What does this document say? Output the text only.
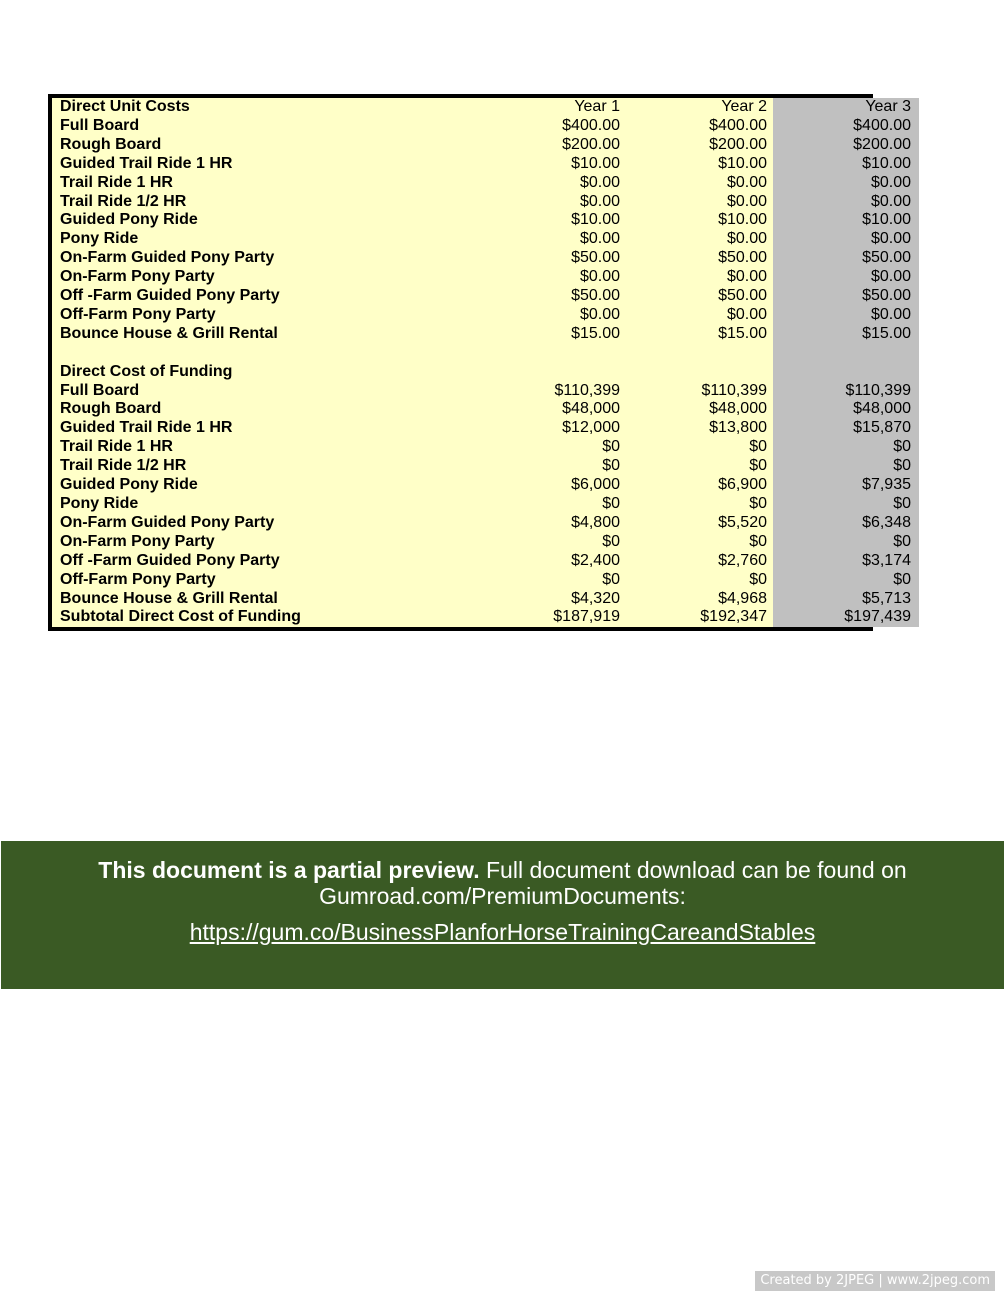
Direct Unit Costs	Year 1	Year 2	Year 3
Full Board	$400.00	$400.00	$400.00
Rough Board	$200.00	$200.00	$200.00
Guided Trail Ride 1 HR	$10.00	$10.00	$10.00
Trail Ride 1 HR	$0.00	$0.00	$0.00
Trail Ride 1/2 HR	$0.00	$0.00	$0.00
Guided Pony Ride	$10.00	$10.00	$10.00
Pony Ride	$0.00	$0.00	$0.00
On-Farm Guided Pony Party	$50.00	$50.00	$50.00
On-Farm Pony Party	$0.00	$0.00	$0.00
Off -Farm Guided Pony Party	$50.00	$50.00	$50.00
Off-Farm Pony Party	$0.00	$0.00	$0.00
Bounce House & Grill Rental	$15.00	$15.00	$15.00

Direct Cost of Funding			
Full Board	$110,399	$110,399	$110,399
Rough Board	$48,000	$48,000	$48,000
Guided Trail Ride 1 HR	$12,000	$13,800	$15,870
Trail Ride 1 HR	$0	$0	$0
Trail Ride 1/2 HR	$0	$0	$0
Guided Pony Ride	$6,000	$6,900	$7,935
Pony Ride	$0	$0	$0
On-Farm Guided Pony Party	$4,800	$5,520	$6,348
On-Farm Pony Party	$0	$0	$0
Off -Farm Guided Pony Party	$2,400	$2,760	$3,174
Off-Farm Pony Party	$0	$0	$0
Bounce House & Grill Rental	$4,320	$4,968	$5,713
Subtotal Direct Cost of Funding	$187,919	$192,347	$197,439
This document is a partial preview. Full document download can be found on
Gumroad.com/PremiumDocuments:
https://gum.co/BusinessPlanforHorseTrainingCareandStables
Created by 2JPEG | www.2jpeg.com
